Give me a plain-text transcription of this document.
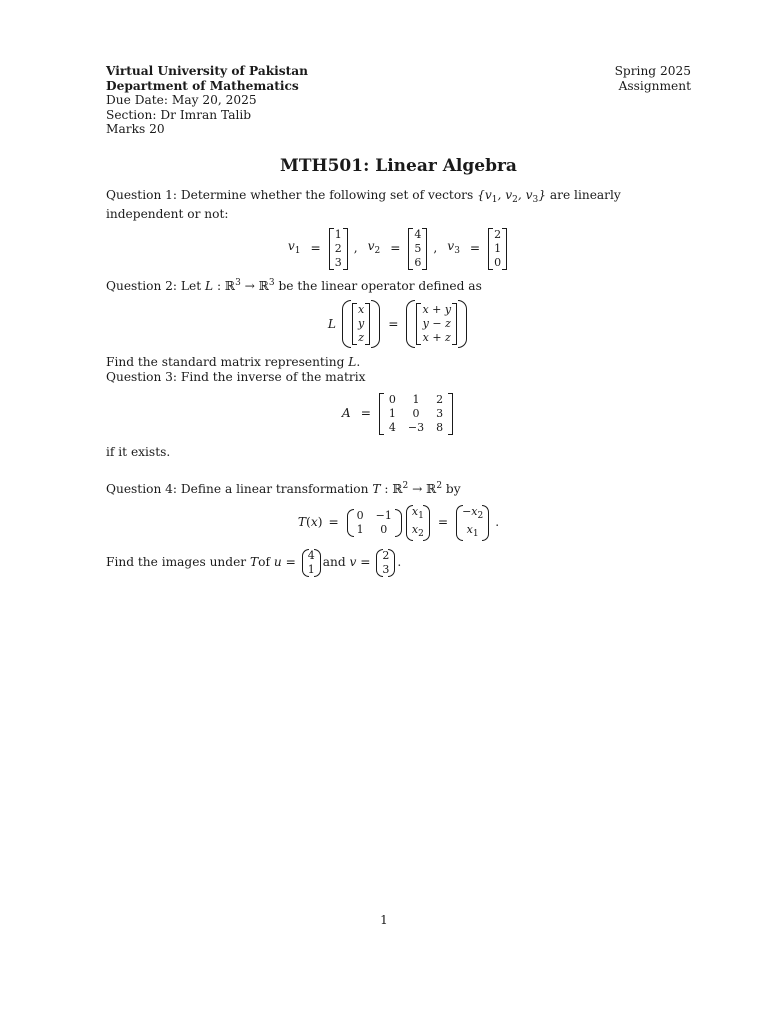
Virtual University of Pakistan
Department of Mathematics
Due Date: May 20, 2025
Section: Dr Imran Talib
Marks 20
Spring 2025
Assignment
MTH501: Linear Algebra
Question 1: Determine whether the following set of vectors {$v_1$, $v_2$, $v_3$} are linearly independent or not:
$v_1$ =
1
2
3
, $v_2$ =
4
5
6
, $v_3$ =
2
1
0
Question 2: Let L : ℝ$^3$ → ℝ$^3$ be the linear operator defined as
L
x
y
z
=
x + y
y − z
x + z
Find the standard matrix representing L.
Question 3: Find the inverse of the matrix
A =
0	1	2
1	0	3
4	−3	8
if it exists.
Question 4: Define a linear transformation T : ℝ$^2$ → ℝ$^2$ by
T ( x ) =
0	−1
1	0
$x_1$
$x_2$
=
$-x_2$
$x_1$
.
Find the images under
T of
u =
4
1 and
v =
2
3 .
1
